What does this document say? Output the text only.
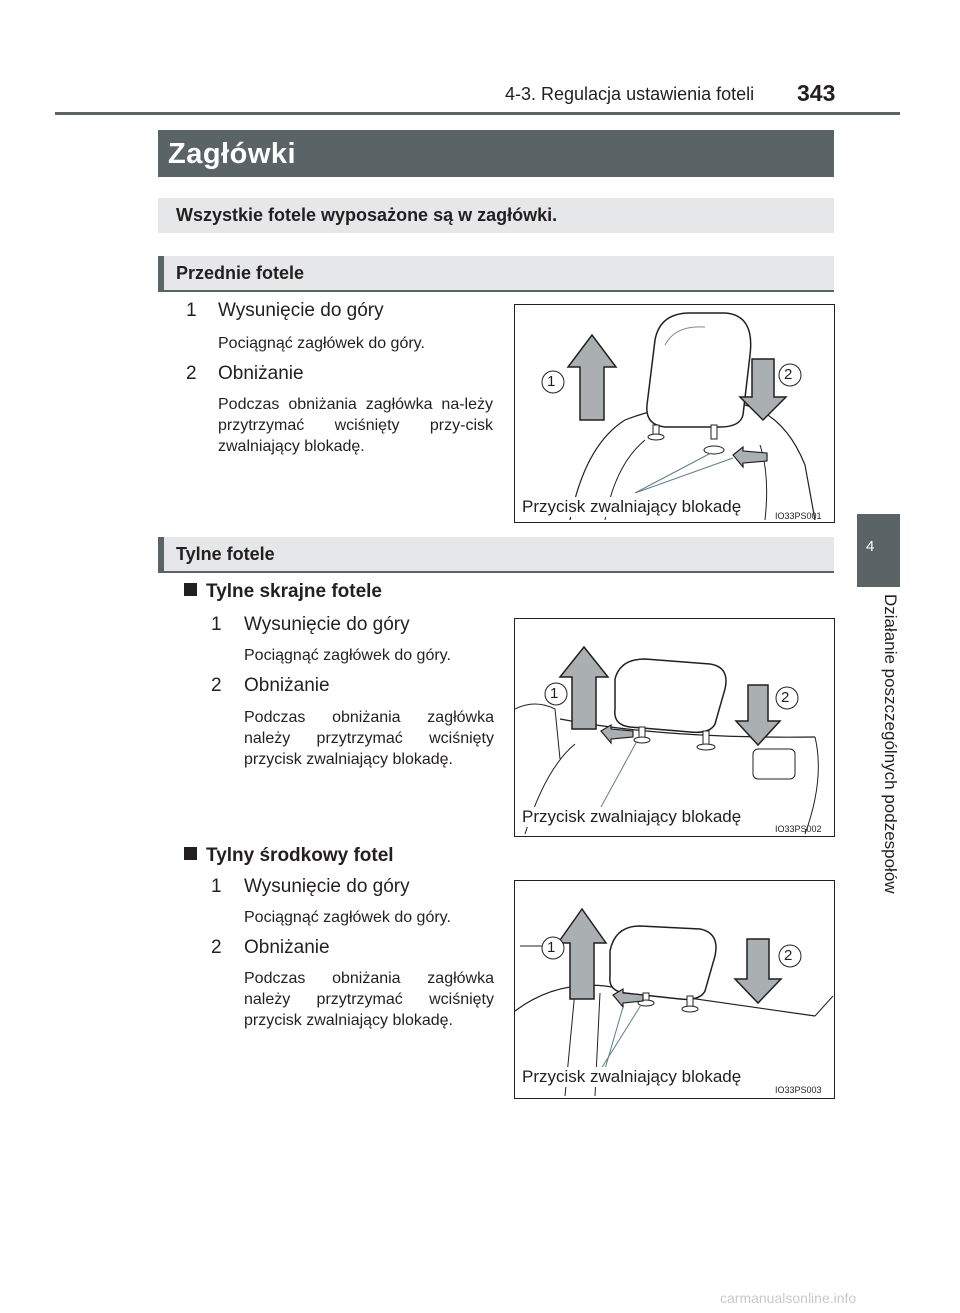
4-3. Regulacja ustawienia foteli 343
4
Działanie poszczególnych podzespołów
Zagłówki
Wszystkie fotele wyposażone są w zagłówki.
Przednie fotele
1 Wysunięcie do góry
Pociągnąć zagłówek do góry.
2 Obniżanie
Podczas obniżania zagłówka na-leży przytrzymać wciśnięty przy-cisk zwalniający blokadę.
1	2
Przycisk zwalniający blokadę	IO33PS001
Tylne fotele
Tylne skrajne fotele
1 Wysunięcie do góry
Pociągnąć zagłówek do góry.
2 Obniżanie
Podczas obniżania zagłówka należy przytrzymać wciśnięty przycisk zwalniający blokadę.
1	2
Przycisk zwalniający blokadę
IO33PS002
Tylny środkowy fotel
1 Wysunięcie do góry
Pociągnąć zagłówek do góry.
2 Obniżanie
Podczas obniżania zagłówka należy przytrzymać wciśnięty przycisk zwalniający blokadę.
1	2
Przycisk zwalniający blokadę
IO33PS003
carmanualsonline.info
